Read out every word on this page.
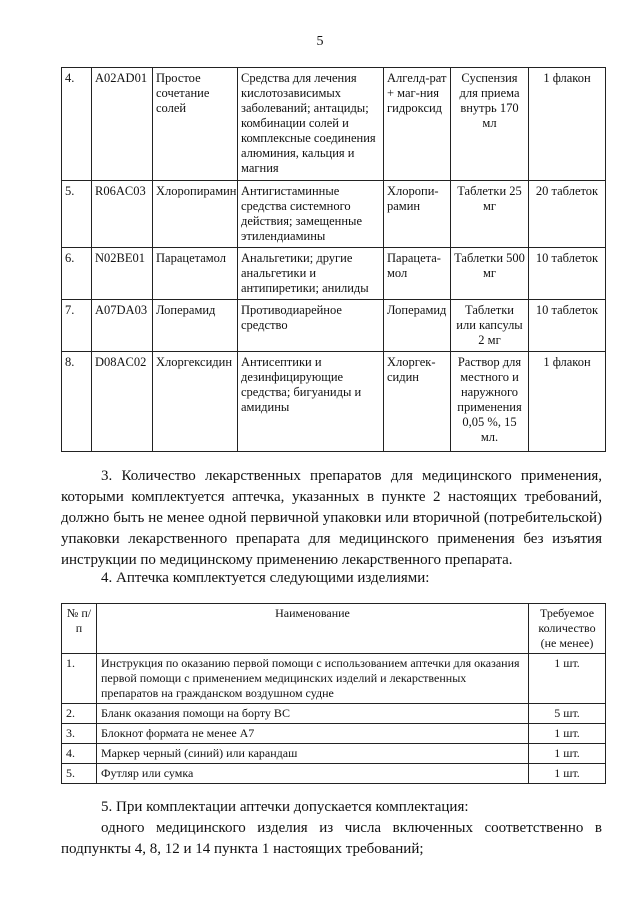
5
4.	A02AD01	Простое сочетание солей	Средства для лечения кислотозависимых заболеваний; антациды; комбинации солей и комплексные соединения алюминия, кальция и магния	Алгелд-рат + маг-ния гидроксид	Суспензия для приема внутрь 170 мл	1 флакон
5.	R06AC03	Хлоропирамин	Антигистаминные средства системного действия; замещенные этилендиамины	Хлоропи-рамин	Таблетки 25 мг	20 таблеток
6.	N02BE01	Парацетамол	Анальгетики; другие анальгетики и антипиретики; анилиды	Парацета-мол	Таблетки 500 мг	10 таблеток
7.	A07DA03	Лоперамид	Противодиарейное средство	Лоперамид	Таблетки или капсулы 2 мг	10 таблеток
8.	D08AC02	Хлоргексидин	Антисептики и дезинфицирующие средства; бигуаниды и амидины	Хлоргек-сидин	Раствор для местного и наружного применения 0,05 %, 15 мл.	1 флакон
3. Количество лекарственных препаратов для медицинского применения, которыми комплектуется аптечка, указанных в пункте 2 настоящих требований, должно быть не менее одной первичной упаковки или вторичной (потребительской) упаковки лекарственного препарата для медицинского применения без изъятия инструкции по медицинскому применению лекарственного препарата.
4. Аптечка комплектуется следующими изделиями:
№ п/п	Наименование	Требуемое количество (не менее)
1.	Инструкция по оказанию первой помощи с использованием аптечки для оказания первой помощи с применением медицинских изделий и лекарственных препаратов на гражданском воздушном судне	1 шт.
2.	Бланк оказания помощи на борту ВС	5 шт.
3.	Блокнот формата не менее А7	1 шт.
4.	Маркер черный (синий) или карандаш	1 шт.
5.	Футляр или сумка	1 шт.
5. При комплектации аптечки допускается комплектация:
одного медицинского изделия из числа включенных соответственно в подпункты 4, 8, 12 и 14 пункта 1 настоящих требований;
